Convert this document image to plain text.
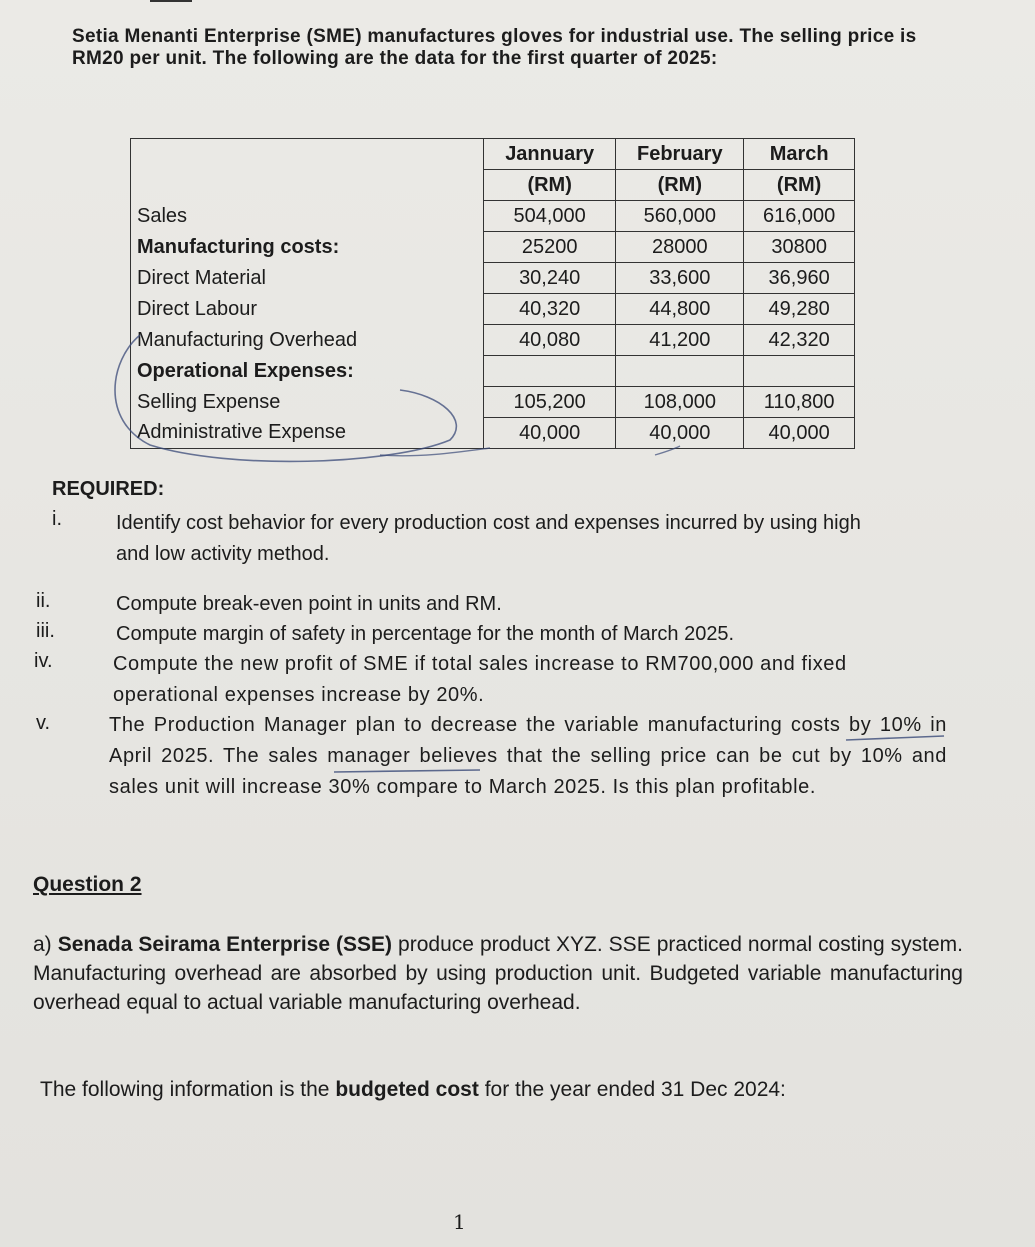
Setia Menanti Enterprise (SME) manufactures gloves for industrial use. The selling price is RM20 per unit. The following are the data for the first quarter of 2025:
	Jannuary	February	March
	(RM)	(RM)	(RM)
Sales	504,000	560,000	616,000
Manufacturing costs:	25200	28000	30800
Direct Material	30,240	33,600	36,960
Direct Labour	40,320	44,800	49,280
Manufacturing Overhead	40,080	41,200	42,320
Operational Expenses:			
Selling Expense	105,200	108,000	110,800
Administrative Expense	40,000	40,000	40,000
REQUIRED:
i.	Identify cost behavior for every production cost and expenses incurred by using high and low activity method.
ii.	Compute break-even point in units and RM.
iii.	Compute margin of safety in percentage for the month of March 2025.
iv.	Compute the new profit of SME if total sales increase to RM700,000 and fixed operational expenses increase by 20%.
v.	The Production Manager plan to decrease the variable manufacturing costs by 10% in April 2025. The sales manager believes that the selling price can be cut by 10% and sales unit will increase 30% compare to March 2025. Is this plan profitable.
Question 2
a) Senada Seirama Enterprise (SSE) produce product XYZ. SSE practiced normal costing system. Manufacturing overhead are absorbed by using production unit. Budgeted variable manufacturing overhead equal to actual variable manufacturing overhead.
The following information is the budgeted cost for the year ended 31 Dec 2024:
1
